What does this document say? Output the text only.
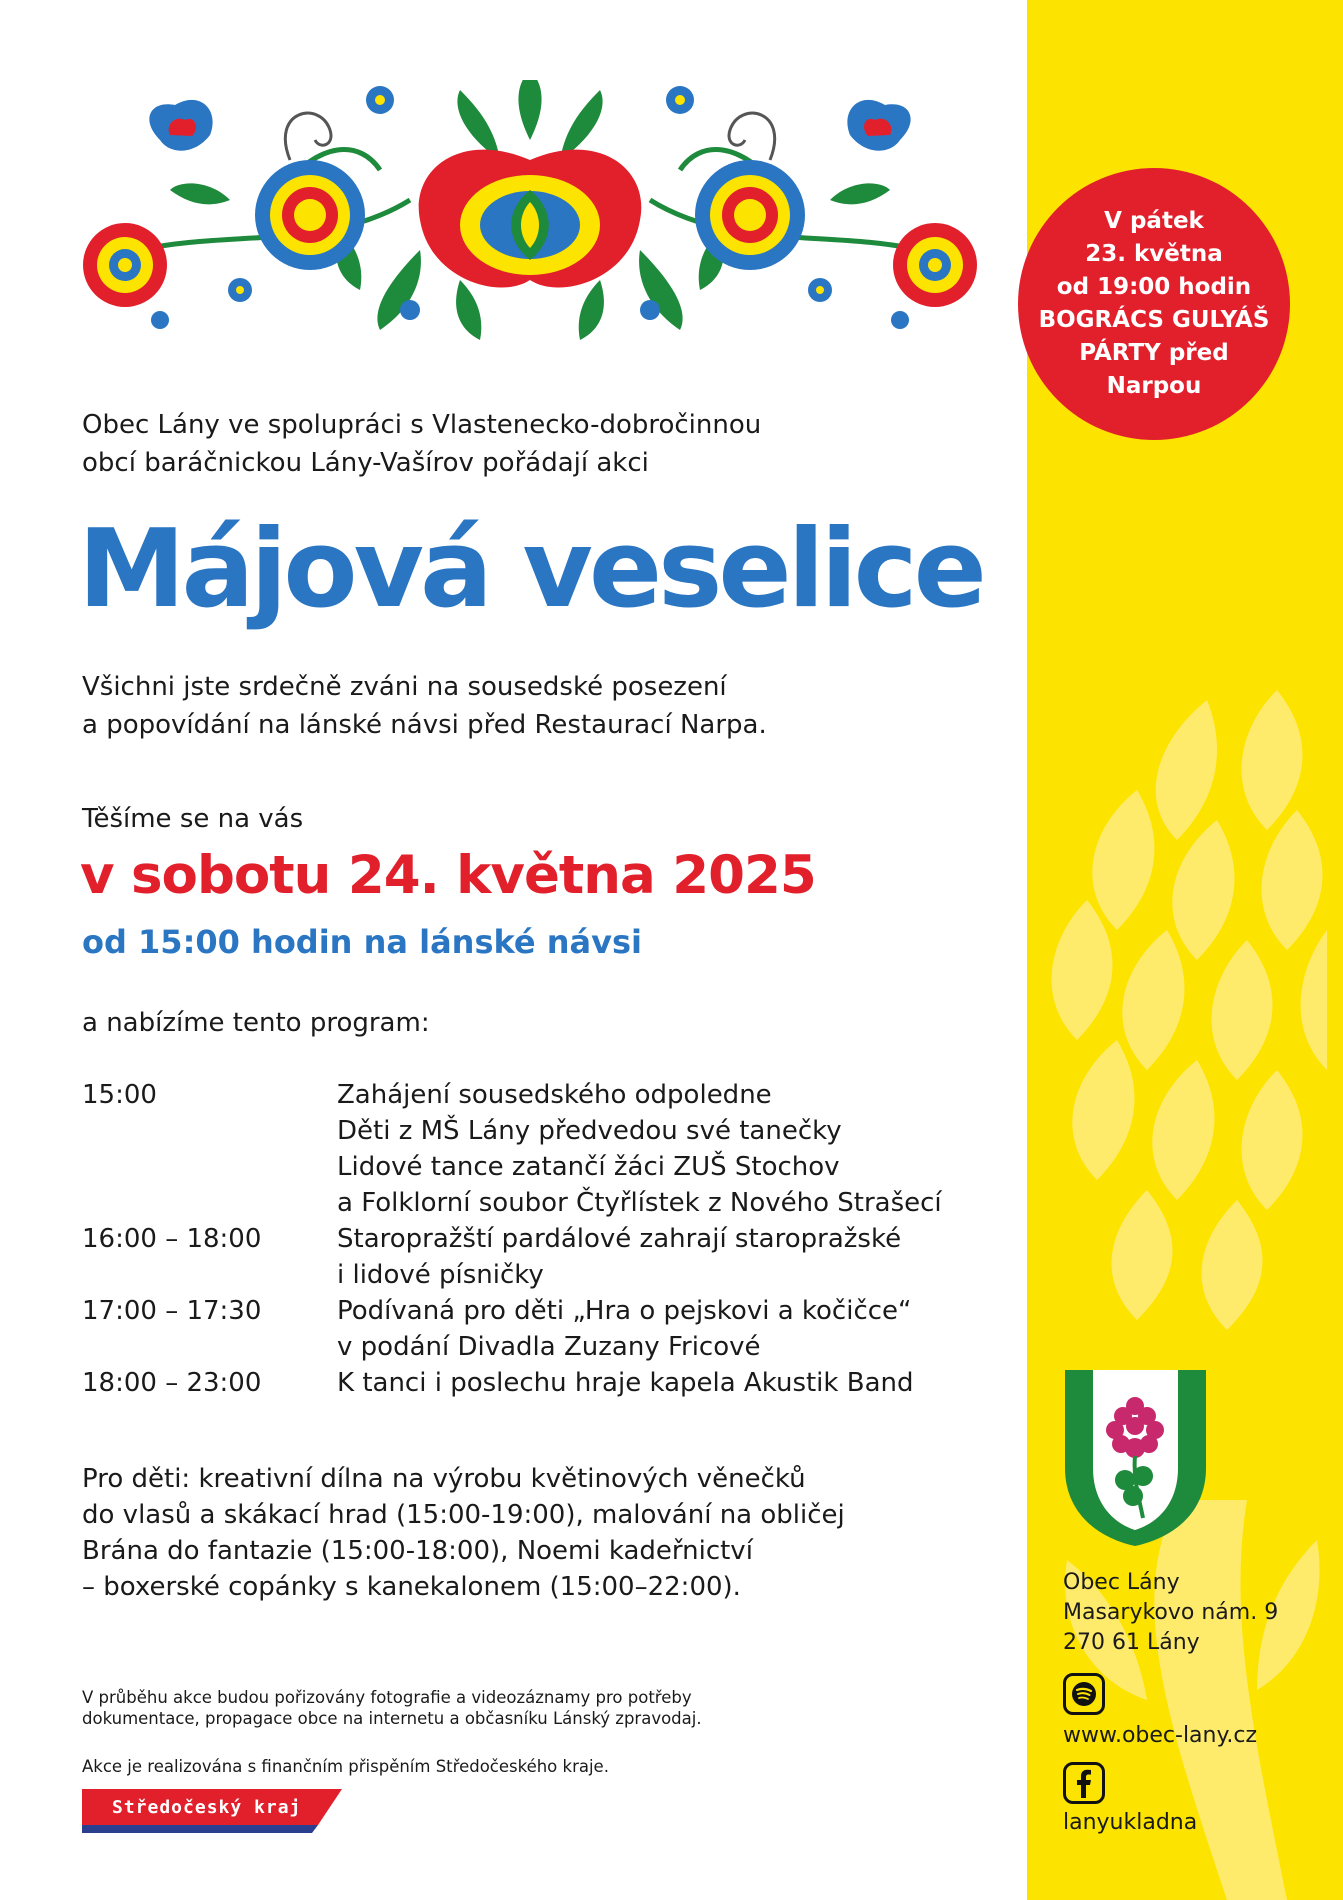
V pátek
23. května
od 19:00 hodin
BOGRÁCS GULYÁŠ
PÁRTY před
Narpou
Obec Lány ve spolupráci s Vlastenecko-dobročinnou
obcí baráčnickou Lány-Vašírov pořádají akci
Májová veselice
Všichni jste srdečně zváni na sousedské posezení
a popovídání na lánské návsi před Restaurací Narpa.
Těšíme se na vás
v sobotu 24. května 2025
od 15:00 hodin na lánské návsi
a nabízíme tento program:
15:00	Zahájení sousedského odpoledne
Děti z MŠ Lány předvedou své tanečky
Lidové tance zatančí žáci ZUŠ Stochov
a Folklorní soubor Čtyřlístek z Nového Strašecí
16:00 – 18:00	Staropražští pardálové zahrají staropražské
i lidové písničky
17:00 – 17:30	Podívaná pro děti „Hra o pejskovi a kočičce“
v podání Divadla Zuzany Fricové
18:00 – 23:00	K tanci i poslechu hraje kapela Akustik Band
Pro děti: kreativní dílna na výrobu květinových věnečků
do vlasů a skákací hrad (15:00-19:00), malování na obličej
Brána do fantazie (15:00-18:00), Noemi kadeřnictví
– boxerské copánky s kanekalonem (15:00–22:00).
V průběhu akce budou pořizovány fotografie a videozáznamy pro potřeby
dokumentace, propagace obce na internetu a občasníku Lánský zpravodaj.
Akce je realizována s finančním přispěním Středočeského kraje.
Středočeský kraj
Obec Lány
Masarykovo nám. 9
270 61 Lány
www.obec-lany.cz
lanyukladna
